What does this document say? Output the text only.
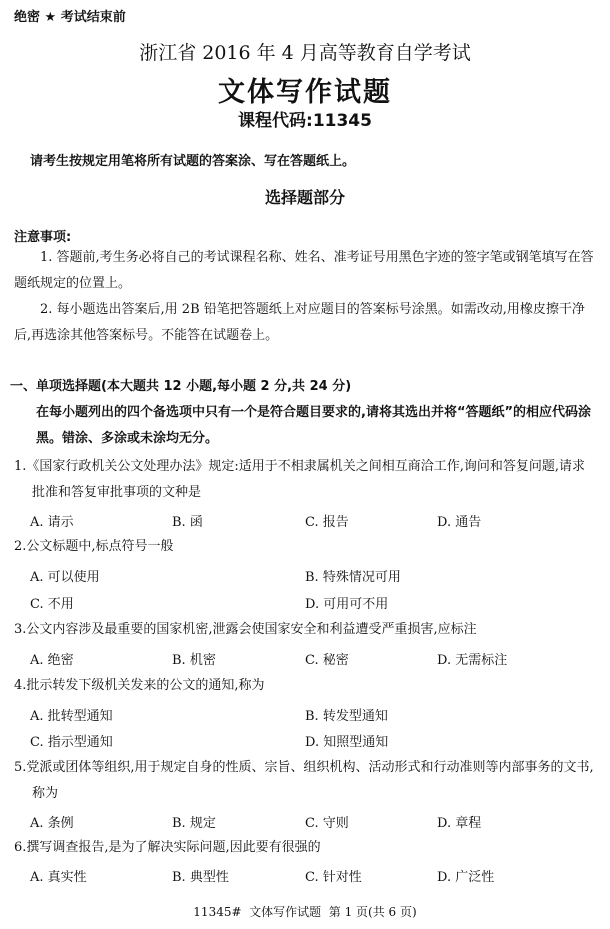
绝密 ★ 考试结束前
浙江省 2016 年 4 月高等教育自学考试
文体写作试题
课程代码:11345
请考生按规定用笔将所有试题的答案涂、写在答题纸上。
选择题部分
注意事项:
1. 答题前,考生务必将自己的考试课程名称、姓名、准考证号用黑色字迹的签字笔或钢笔填写在答题纸规定的位置上。
2. 每小题选出答案后,用 2B 铅笔把答题纸上对应题目的答案标号涂黑。如需改动,用橡皮擦干净后,再选涂其他答案标号。不能答在试题卷上。
一、单项选择题(本大题共 12 小题,每小题 2 分,共 24 分)
在每小题列出的四个备选项中只有一个是符合题目要求的,请将其选出并将“答题纸”的相应代码涂黑。错涂、多涂或未涂均无分。
1.《国家行政机关公文处理办法》规定:适用于不相隶属机关之间相互商洽工作,询问和答复问题,请求批准和答复审批事项的文种是
A. 请示	B. 函	C. 报告	D. 通告
2.公文标题中,标点符号一般
A. 可以使用	B. 特殊情况可用
C. 不用	D. 可用可不用
3.公文内容涉及最重要的国家机密,泄露会使国家安全和利益遭受严重损害,应标注
A. 绝密	B. 机密	C. 秘密	D. 无需标注
4.批示转发下级机关发来的公文的通知,称为
A. 批转型通知	B. 转发型通知
C. 指示型通知	D. 知照型通知
5.党派或团体等组织,用于规定自身的性质、宗旨、组织机构、活动形式和行动准则等内部事务的文书,称为
A. 条例	B. 规定	C. 守则	D. 章程
6.撰写调查报告,是为了解决实际问题,因此要有很强的
A. 真实性	B. 典型性	C. 针对性	D. 广泛性
11345#  文体写作试题  第 1 页(共 6 页)
